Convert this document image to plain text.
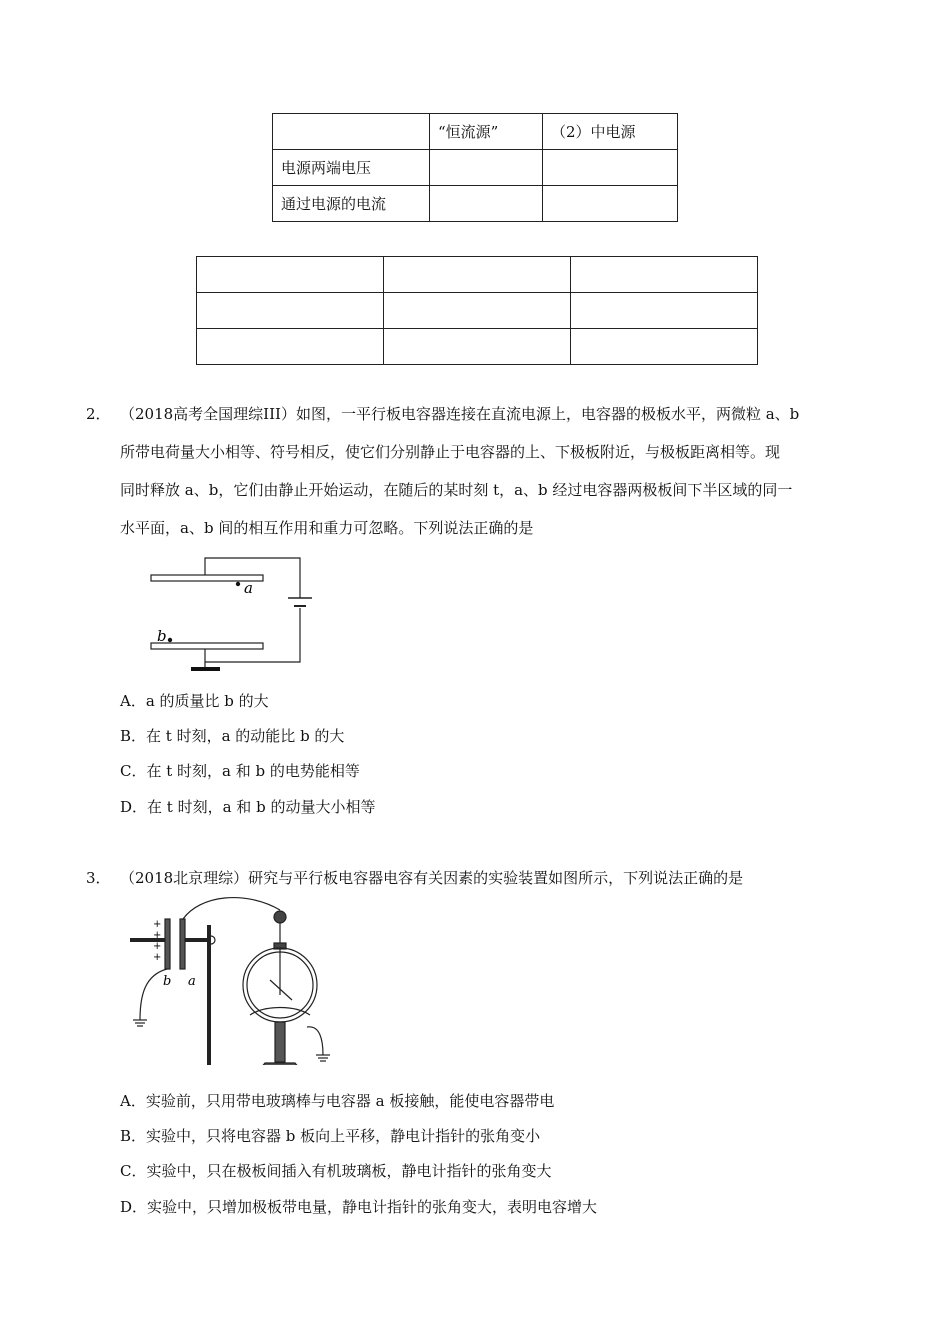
	“恒流源”	（2）中电源
电源两端电压		
通过电源的电流		

2． （2018高考全国理综III）如图，一平行板电容器连接在直流电源上，电容器的极板水平，两微粒 a、b
所带电荷量大小相等、符号相反，使它们分别静止于电容器的上、下极板附近，与极板距离相等。现
同时释放 a、b，它们由静止开始运动，在随后的某时刻 t，a、b 经过电容器两极板间下半区域的同一
水平面，a、b 间的相互作用和重力可忽略。下列说法正确的是
a
b
A．a 的质量比 b 的大
B．在 t 时刻，a 的动能比 b 的大
C．在 t 时刻，a 和 b 的电势能相等
D．在 t 时刻，a 和 b 的动量大小相等
3． （2018北京理综）研究与平行板电容器电容有关因素的实验装置如图所示，下列说法正确的是
+
+
+
+
b a
A．实验前，只用带电玻璃棒与电容器 a 板接触，能使电容器带电
B．实验中，只将电容器 b 板向上平移，静电计指针的张角变小
C．实验中，只在极板间插入有机玻璃板，静电计指针的张角变大
D．实验中，只增加极板带电量，静电计指针的张角变大，表明电容增大
